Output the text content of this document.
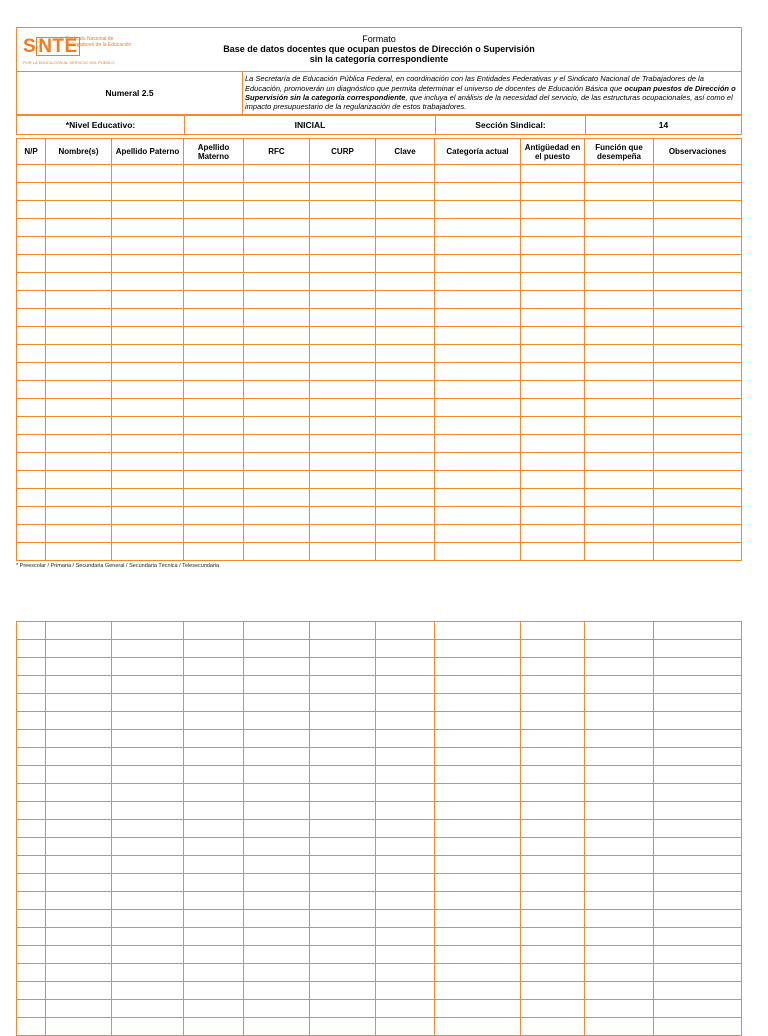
S NTE
Sindicato Nacional de Trabajadores de la Educación
POR LA EDUCACIÓN AL SERVICIO DEL PUEBLO
Formato
Base de datos docentes que ocupan puestos de Dirección o Supervisión
sin la categoría correspondiente

Numeral 2.5	La Secretaría de Educación Pública Federal, en coordinación con las Entidades Federativas y el Sindicato Nacional de Trabajadores de la Educación, promoverán un diagnóstico que permita determinar el universo de docentes de Educación Básica que ocupan puestos de Dirección o Supervisión sin la categoría correspondiente, que incluya el análisis de la necesidad del servicio, de las estructuras ocupacionales, así como el impacto presupuestario de la regularización de estos trabajadores.
*Nivel Educativo:	INICIAL	Sección Sindical:	14
N/P	Nombre(s)	Apellido Paterno	Apellido Materno	RFC	CURP	Clave	Categoría actual	Antigüedad en el puesto	Función que desempeña	Observaciones

* Preescolar / Primaria / Secundaria General / Secundaria Técnica / Telesecundaria
